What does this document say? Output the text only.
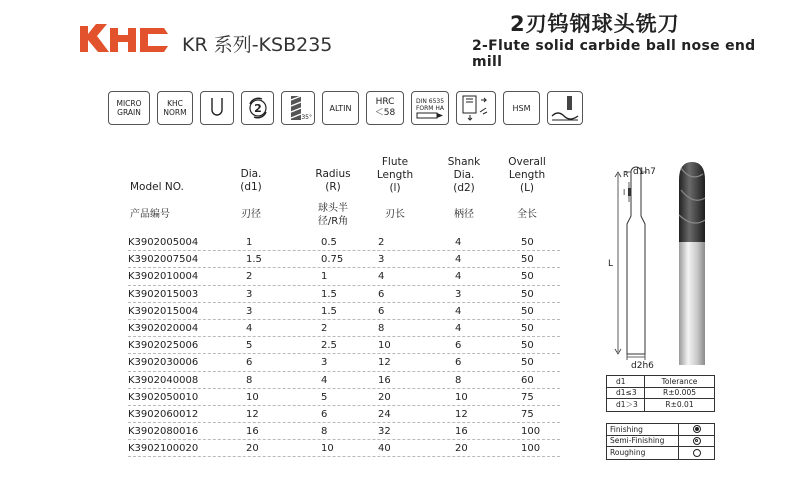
KR 系列-KSB235
2刃钨钢球头铣刀
2-Flute solid carbide ball nose end mill
MICRO
GRAIN
KHC
NORM	2
35°
ALTIN
HRC
＜58
DIN 6535
FORM HA	HSM
Model NO.
产品编号
Dia.
(d1)
刃径
Radius
(R)
球头半
径/R角
Flute
Length
(l)
刃长
Shank
Dia.
(d2)
柄径
Overall
Length
(L)
全长
K3902005004	1	0.5	2	4	50
K3902007504	1.5	0.75	3	4	50
K3902010004	2	1	4	4	50
K3902015003	3	1.5	6	3	50
K3902015004	3	1.5	6	4	50
K3902020004	4	2	8	4	50
K3902025006	5	2.5	10	6	50
K3902030006	6	3	12	6	50
K3902040008	8	4	16	8	60
K3902050010	10	5	20	10	75
K3902060012	12	6	24	12	75
K3902080016	16	8	32	16	100
K3902100020	20	10	40	20	100
d1h7
R
l
L
d2h6
d1	Tolerance
d1≤3	R±0.005
d1＞3	R±0.01
Finishing
Semi-Finishing
Roughing
